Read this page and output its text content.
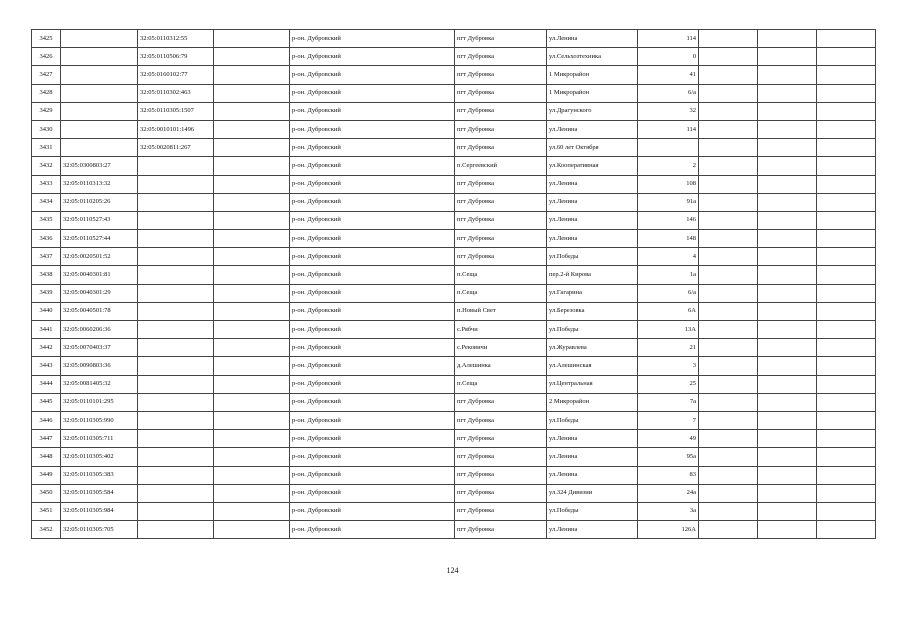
3425		32:05:0110312:55		р-он. Дубровский	пгт Дубровка	ул.Ленина	114			
3426		32:05:0110506:79		р-он. Дубровский	пгт Дубровка	ул.Сельхозтехника	0			
3427		32:05:0160102:77		р-он. Дубровский	пгт Дубровка	1 Микрорайон	41			
3428		32:05:0110302:463		р-он. Дубровский	пгт Дубровка	1 Микрорайон	6/а			
3429		32:05:0110305:1507		р-он. Дубровский	пгт Дубровка	ул.Драгунского	32			
3430		32:05:0010101:1496		р-он. Дубровский	пгт Дубровка	ул.Ленина	114			
3431		32:05:0020811:267		р-он. Дубровский	пгт Дубровка	ул.60 лет Октября				
3432	32:05:0300803:27			р-он. Дубровский	п.Сергеевский	ул.Кооперативная	2			
3433	32:05:0110313:32			р-он. Дубровский	пгт Дубровка	ул.Ленина	108			
3434	32:05:0110205:26			р-он. Дубровский	пгт Дубровка	ул.Ленина	91а			
3435	32:05:0110527:43			р-он. Дубровский	пгт Дубровка	ул.Ленина	146			
3436	32:05:0110527:44			р-он. Дубровский	пгт Дубровка	ул.Ленина	148			
3437	32:05:0020501:52			р-он. Дубровский	пгт Дубровка	ул.Победы	4			
3438	32:05:0040301:81			р-он. Дубровский	п.Сеща	пер.2-й Кирова	1а			
3439	32:05:0040301:29			р-он. Дубровский	п.Сеща	ул.Гагарина	6/а			
3440	32:05:0040501:78			р-он. Дубровский	п.Новый Свет	ул.Березовка	6А			
3441	32:05:0060206:36			р-он. Дубровский	с.Рябчи	ул.Победы	13А			
3442	32:05:0070403:37			р-он. Дубровский	с.Рековичи	ул.Журавлева	21			
3443	32:05:0090803:36			р-он. Дубровский	д.Алешинка	ул.Алешинская	3			
3444	32:05:0081405:32			р-он. Дубровский	п.Сеща	ул.Центральная	25			
3445	32:05:0110101:295			р-он. Дубровский	пгт Дубровка	2 Микрорайон	7а			
3446	32:05:0110305:990			р-он. Дубровский	пгт Дубровка	ул.Победы	7			
3447	32:05:0110305:711			р-он. Дубровский	пгт Дубровка	ул.Ленина	49			
3448	32:05:0110305:402			р-он. Дубровский	пгт Дубровка	ул.Ленина	95а			
3449	32:05:0110305:383			р-он. Дубровский	пгт Дубровка	ул.Ленина	83			
3450	32:05:0110305:584			р-он. Дубровский	пгт Дубровка	ул.324 Дивизии	24а			
3451	32:05:0110305:984			р-он. Дубровский	пгт Дубровка	ул.Победы	3а			
3452	32:05:0110305:705			р-он. Дубровский	пгт Дубровка	ул.Ленина	126А			
124
